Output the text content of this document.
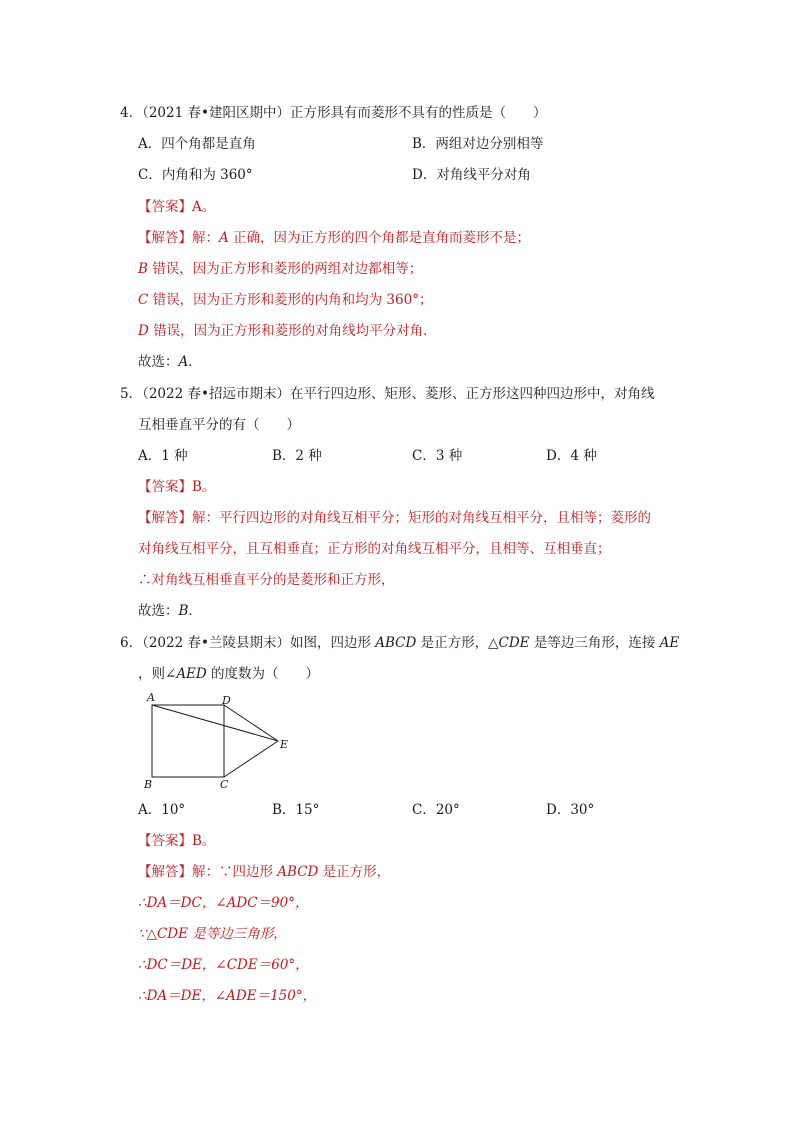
4．（2021 春•建阳区期中）正方形具有而菱形不具有的性质是（　　）
A．四个角都是直角	B．两组对边分别相等
C．内角和为 360°	D．对角线平分对角
【答案】A。
【解答】解：A 正确，因为正方形的四个角都是直角而菱形不是；
B 错误，因为正方形和菱形的两组对边都相等；
C 错误，因为正方形和菱形的内角和均为 360°；
D 错误，因为正方形和菱形的对角线均平分对角．
故选：A．
5．（2022 春•招远市期末）在平行四边形、矩形、菱形、正方形这四种四边形中，对角线
互相垂直平分的有（　　）
A．1 种	B．2 种	C．3 种	D．4 种
【答案】B。
【解答】解：平行四边形的对角线互相平分；矩形的对角线互相平分，且相等；菱形的
对角线互相平分，且互相垂直；正方形的对角线互相平分，且相等、互相垂直；
∴对角线互相垂直平分的是菱形和正方形，
故选：B．
6．（2022 春•兰陵县期末）如图，四边形 ABCD 是正方形，△CDE 是等边三角形，连接 AE
，则∠AED 的度数为（　　）
A	D
E
B	C
A．10°	B．15°	C．20°	D．30°
【答案】B。
【解答】解：∵四边形 ABCD 是正方形，
∴DA＝DC，∠ADC＝90°，
∵△CDE 是等边三角形，
∴DC＝DE，∠CDE＝60°，
∴DA＝DE，∠ADE＝150°，
